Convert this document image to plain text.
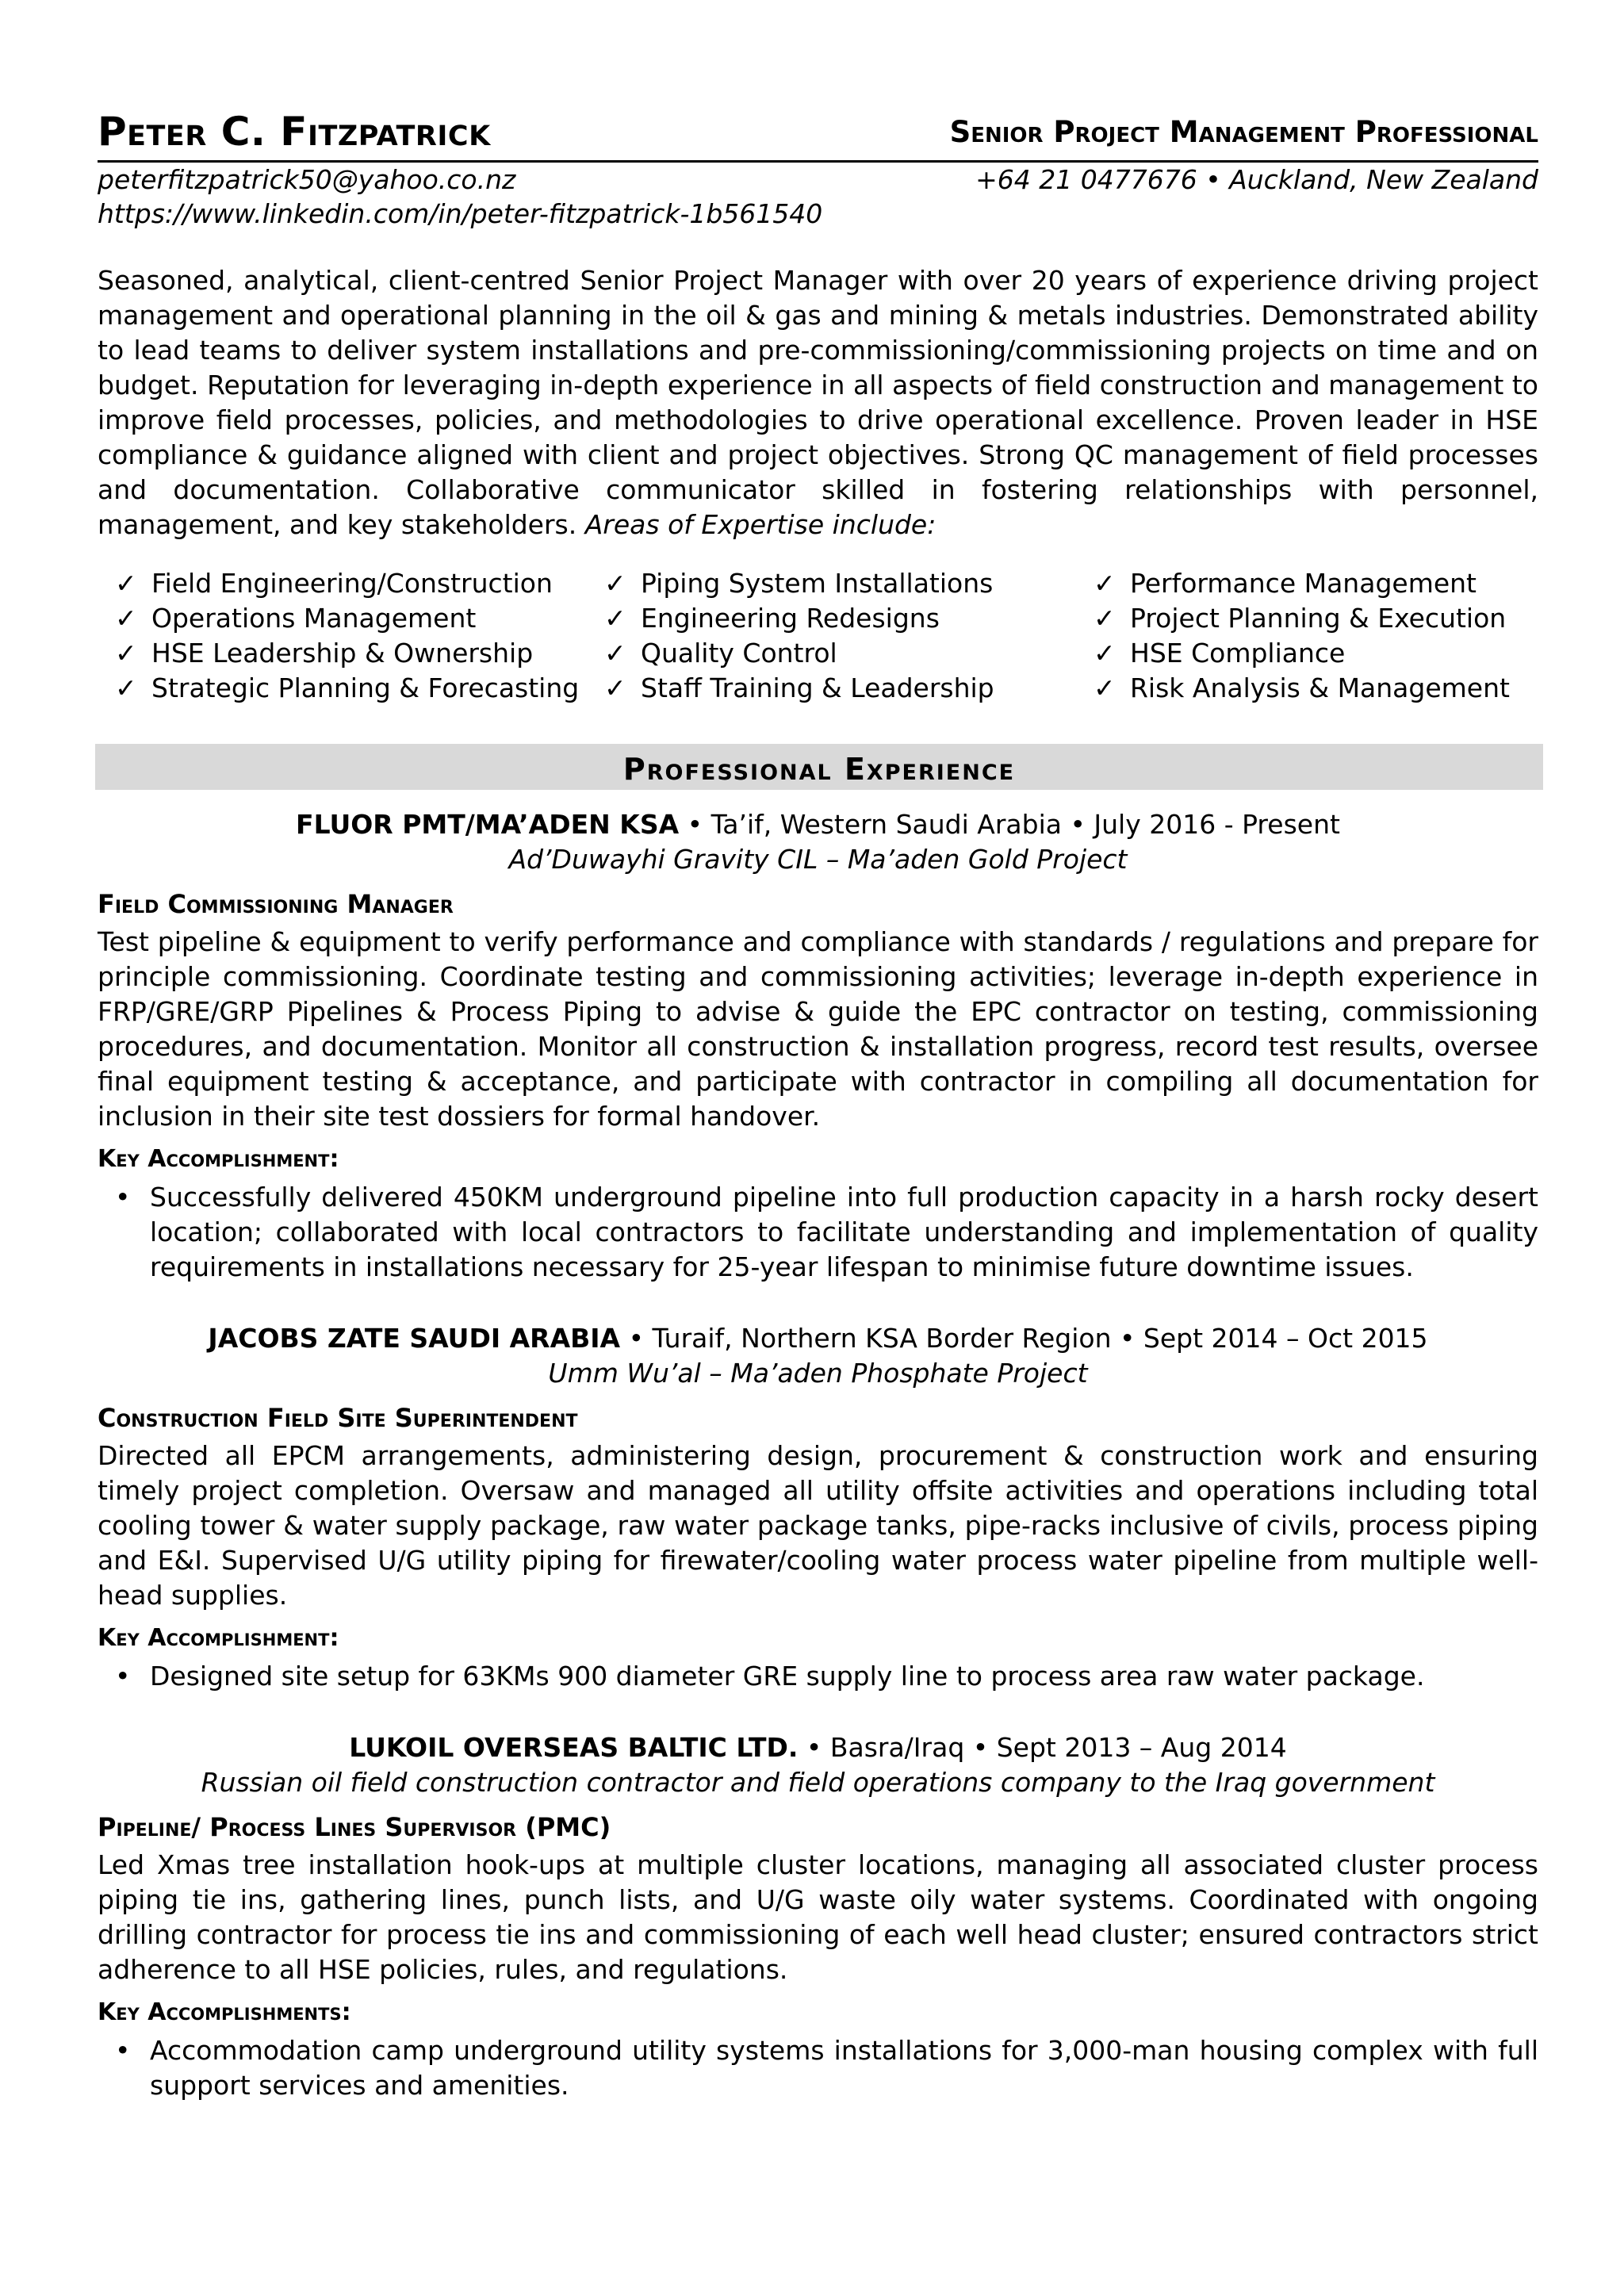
Peter C. Fitzpatrick	Senior Project Management Professional
peterfitzpatrick50@yahoo.co.nz	+64 21 0477676 • Auckland, New Zealand
https://www.linkedin.com/in/peter-fitzpatrick-1b561540
Seasoned, analytical, client-centred Senior Project Manager with over 20 years of experience driving project management and operational planning in the oil & gas and mining & metals industries. Demonstrated ability to lead teams to deliver system installations and pre-commissioning/commissioning projects on time and on budget. Reputation for leveraging in-depth experience in all aspects of field construction and management to improve field processes, policies, and methodologies to drive operational excellence. Proven leader in HSE compliance & guidance aligned with client and project objectives. Strong QC management of field processes and documentation. Collaborative communicator skilled in fostering relationships with personnel, management, and key stakeholders. Areas of Expertise include:
✓ Field Engineering/Construction
✓ Operations Management
✓ HSE Leadership & Ownership
✓ Strategic Planning & Forecasting
✓ Piping System Installations
✓ Engineering Redesigns
✓ Quality Control
✓ Staff Training & Leadership
✓ Performance Management
✓ Project Planning & Execution
✓ HSE Compliance
✓ Risk Analysis & Management
Professional Experience
FLUOR PMT/MA’ADEN KSA • Ta’if, Western Saudi Arabia • July 2016 - Present
Ad’Duwayhi Gravity CIL – Ma’aden Gold Project
Field Commissioning Manager
Test pipeline & equipment to verify performance and compliance with standards / regulations and prepare for principle commissioning. Coordinate testing and commissioning activities; leverage in-depth experience in FRP/GRE/GRP Pipelines & Process Piping to advise & guide the EPC contractor on testing, commissioning procedures, and documentation. Monitor all construction & installation progress, record test results, oversee final equipment testing & acceptance, and participate with contractor in compiling all documentation for inclusion in their site test dossiers for formal handover.
Key Accomplishment:
• Successfully delivered 450KM underground pipeline into full production capacity in a harsh rocky desert location; collaborated with local contractors to facilitate understanding and implementation of quality requirements in installations necessary for 25-year lifespan to minimise future downtime issues.
JACOBS ZATE SAUDI ARABIA • Turaif, Northern KSA Border Region • Sept 2014 – Oct 2015
Umm Wu’al – Ma’aden Phosphate Project
Construction Field Site Superintendent
Directed all EPCM arrangements, administering design, procurement & construction work and ensuring timely project completion. Oversaw and managed all utility offsite activities and operations including total cooling tower & water supply package, raw water package tanks, pipe-racks inclusive of civils, process piping and E&I. Supervised U/G utility piping for firewater/cooling water process water pipeline from multiple well-head supplies.
Key Accomplishment:
• Designed site setup for 63KMs 900 diameter GRE supply line to process area raw water package.
LUKOIL OVERSEAS BALTIC LTD. • Basra/Iraq • Sept 2013 – Aug 2014
Russian oil field construction contractor and field operations company to the Iraq government
Pipeline/ Process Lines Supervisor (PMC)
Led Xmas tree installation hook-ups at multiple cluster locations, managing all associated cluster process piping tie ins, gathering lines, punch lists, and U/G waste oily water systems. Coordinated with ongoing drilling contractor for process tie ins and commissioning of each well head cluster; ensured contractors strict adherence to all HSE policies, rules, and regulations.
Key Accomplishments:
• Accommodation camp underground utility systems installations for 3,000-man housing complex with full support services and amenities.
